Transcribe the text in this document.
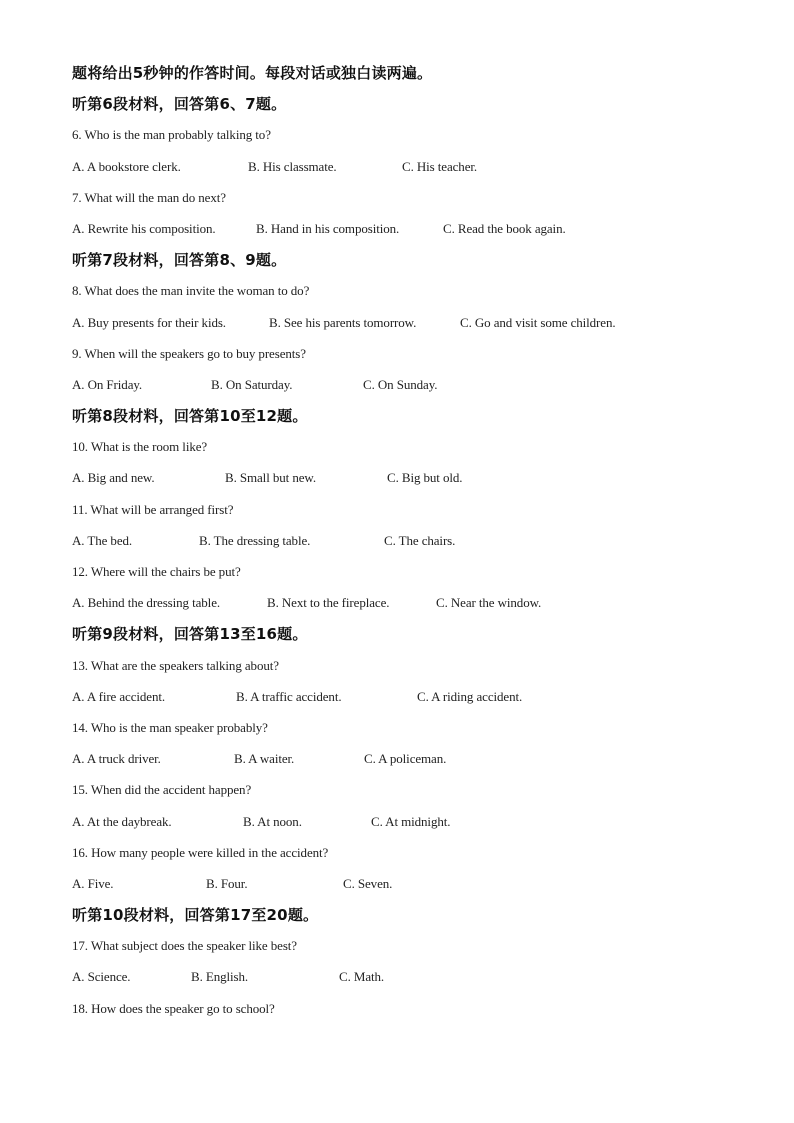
题将给出5秒钟的作答时间。每段对话或独白读两遍。
听第6段材料，回答第6、7题。
6. Who is the man probably talking to?
A. A bookstore clerk.	B. His classmate.	C. His teacher.
7. What will the man do next?
A. Rewrite his composition.	B. Hand in his composition.	C. Read the book again.
听第7段材料，回答第8、9题。
8. What does the man invite the woman to do?
A. Buy presents for their kids.	B. See his parents tomorrow.	C. Go and visit some children.
9. When will the speakers go to buy presents?
A. On Friday.	B. On Saturday.	C. On Sunday.
听第8段材料，回答第10至12题。
10. What is the room like?
A. Big and new.	B. Small but new.	C. Big but old.
11. What will be arranged first?
A. The bed.	B. The dressing table.	C. The chairs.
12. Where will the chairs be put?
A. Behind the dressing table.	B. Next to the fireplace.	C. Near the window.
听第9段材料，回答第13至16题。
13. What are the speakers talking about?
A. A fire accident.	B. A traffic accident.	C. A riding accident.
14. Who is the man speaker probably?
A. A truck driver.	B. A waiter.	C. A policeman.
15. When did the accident happen?
A. At the daybreak.	B. At noon.	C. At midnight.
16. How many people were killed in the accident?
A. Five.	B. Four.	C. Seven.
听第10段材料，回答第17至20题。
17. What subject does the speaker like best?
A. Science.	B. English.	C. Math.
18. How does the speaker go to school?
